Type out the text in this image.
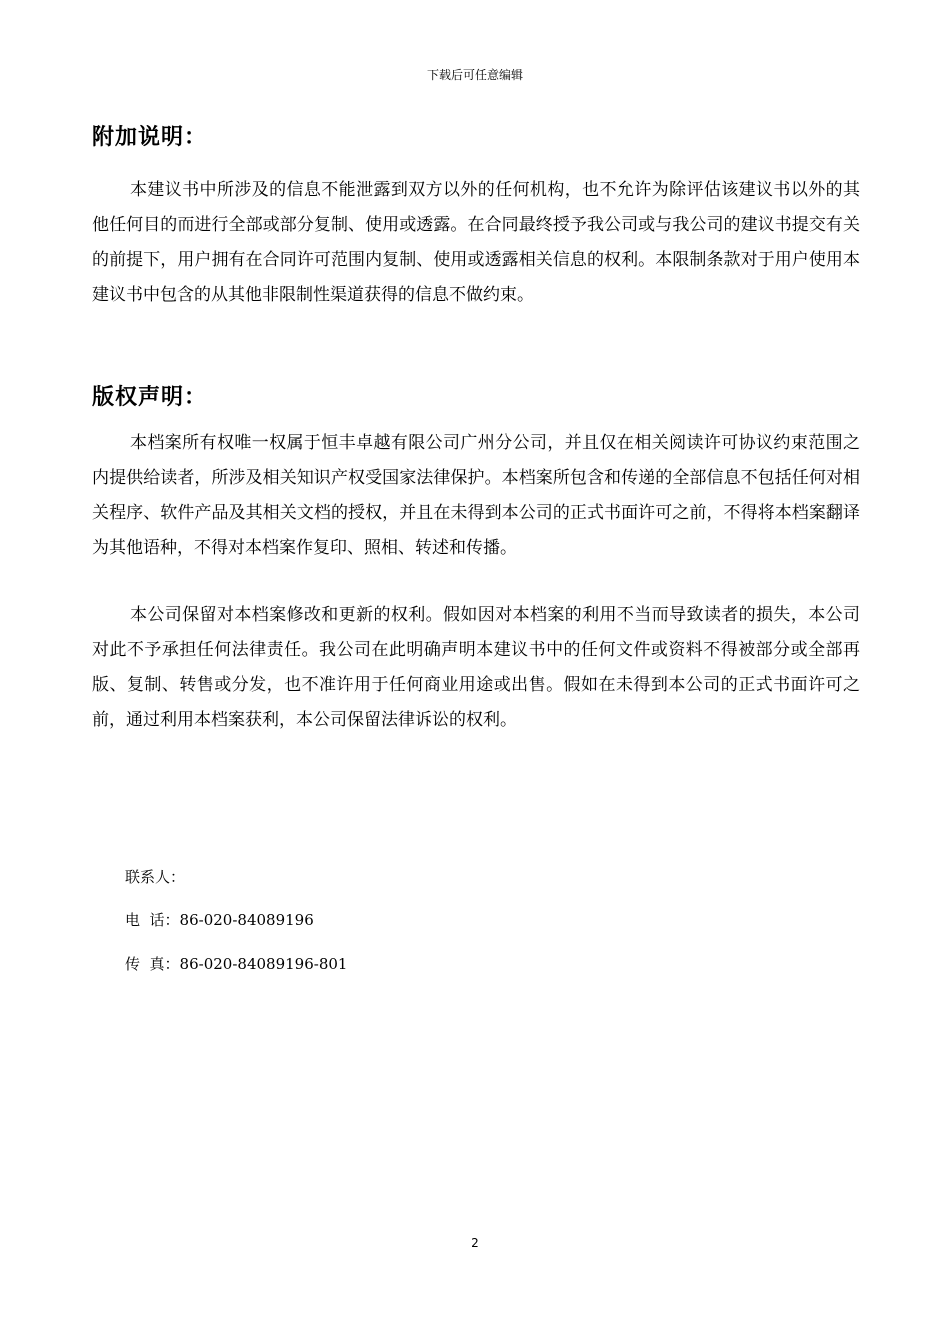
下载后可任意编辑
附加说明：

本建议书中所涉及的信息不能泄露到双方以外的任何机构，也不允许为除评估该建议书以外的其他任何目的而进行全部或部分复制、使用或透露。在合同最终授予我公司或与我公司的建议书提交有关的前提下，用户拥有在合同许可范围内复制、使用或透露相关信息的权利。本限制条款对于用户使用本建议书中包含的从其他非限制性渠道获得的信息不做约束。

版权声明：

本档案所有权唯一权属于恒丰卓越有限公司广州分公司，并且仅在相关阅读许可协议约束范围之内提供给读者，所涉及相关知识产权受国家法律保护。本档案所包含和传递的全部信息不包括任何对相关程序、软件产品及其相关文档的授权，并且在未得到本公司的正式书面许可之前，不得将本档案翻译为其他语种，不得对本档案作复印、照相、转述和传播。

本公司保留对本档案修改和更新的权利。假如因对本档案的利用不当而导致读者的损失，本公司对此不予承担任何法律责任。我公司在此明确声明本建议书中的任何文件或资料不得被部分或全部再版、复制、转售或分发，也不准许用于任何商业用途或出售。假如在未得到本公司的正式书面许可之前，通过利用本档案获利，本公司保留法律诉讼的权利。

联系人：

电  话：86-020-84089196

传  真：86-020-84089196-801

2
